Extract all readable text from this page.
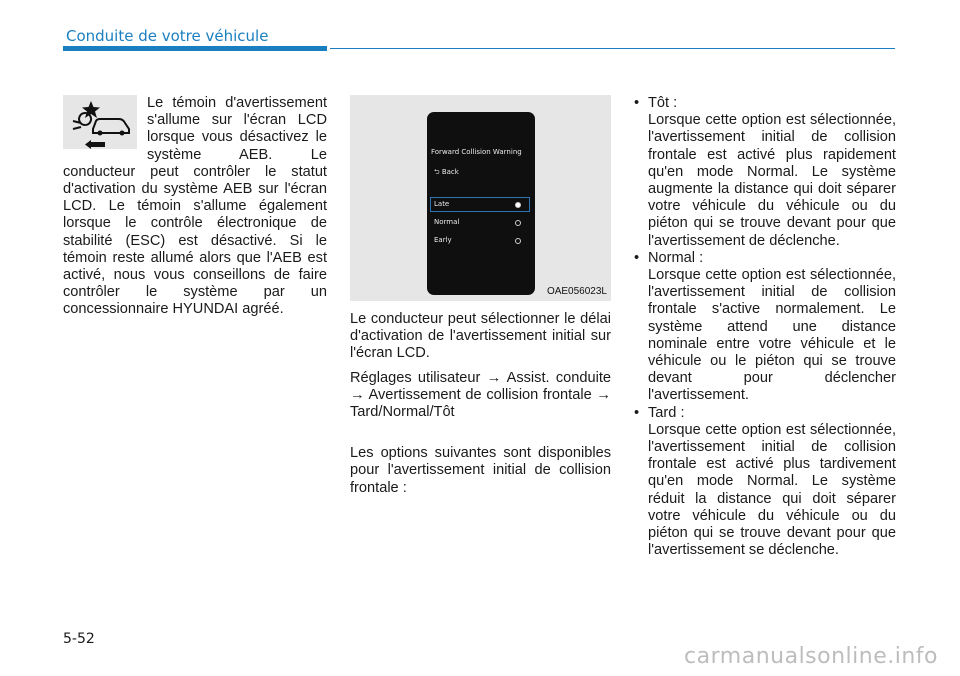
Conduite de votre véhicule

Le témoin d'avertissement s'allume sur l'écran LCD lorsque vous désactivez le système AEB. Le conducteur peut contrôler le statut d'activation du système AEB sur l'écran LCD. Le témoin s'allume également lorsque le contrôle électronique de stabilité (ESC) est désactivé. Si le témoin reste allumé alors que l'AEB est activé, nous vous conseillons de faire contrôler le système par un concessionnaire HYUNDAI agréé.

Forward Collision Warning
⮌ Back
Late
Normal
Early
OAE056023L

Le conducteur peut sélectionner le délai d'activation de l'avertissement initial sur l'écran LCD.

Réglages utilisateur → Assist. conduite → Avertissement de collision frontale → Tard/Normal/Tôt

Les options suivantes sont disponibles pour l'avertissement initial de collision frontale :

• Tôt :

Lorsque cette option est sélectionnée, l'avertissement initial de collision frontale est activé plus rapidement qu'en mode Normal. Le système augmente la distance qui doit séparer votre véhicule du véhicule ou du piéton qui se trouve devant pour que l'avertissement de déclenche.

• Normal :

Lorsque cette option est sélectionnée, l'avertissement initial de collision frontale s'active normalement. Le système attend une distance nominale entre votre véhicule et le véhicule ou le piéton qui se trouve devant pour déclencher l'avertissement.

• Tard :

Lorsque cette option est sélectionnée, l'avertissement initial de collision frontale est activé plus tardivement qu'en mode Normal. Le système réduit la distance qui doit séparer votre véhicule du véhicule ou du piéton qui se trouve devant pour que l'avertissement se déclenche.

5-52
carmanualsonline.info
